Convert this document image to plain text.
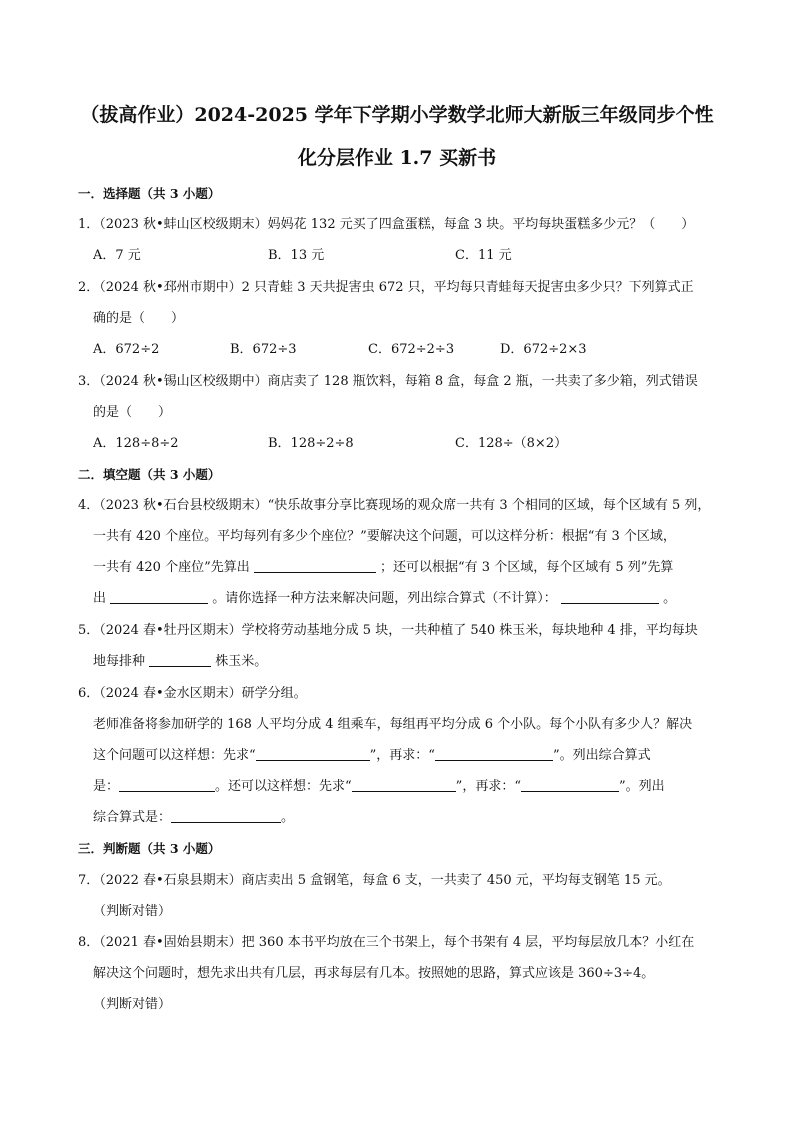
（拔高作业）2024-2025 学年下学期小学数学北师大新版三年级同步个性
化分层作业 1.7 买新书
一．选择题（共 3 小题）
1．（2023 秋•蚌山区校级期末）妈妈花 132 元买了四盒蛋糕，每盒 3 块。平均每块蛋糕多少元？（　　）
A．7 元	B．13 元	C．11 元
2．（2024 秋•邳州市期中）2 只青蛙 3 天共捉害虫 672 只，平均每只青蛙每天捉害虫多少只？下列算式正
确的是（　　）
A．672÷2	B．672÷3	C．672÷2÷3	D．672÷2×3
3．（2024 秋•锡山区校级期中）商店卖了 128 瓶饮料，每箱 8 盒，每盒 2 瓶，一共卖了多少箱，列式错误
的是（　　）
A．128÷8÷2	B．128÷2÷8	C．128÷（8×2）
二．填空题（共 3 小题）
4．（2023 秋•石台县校级期末）“快乐故事分享比赛现场的观众席一共有 3 个相同的区域，每个区域有 5 列，
一共有 420 个座位。平均每列有多少个座位？”要解决这个问题，可以这样分析：根据“有 3 个区域，
一共有 420 个座位”先算出	；还可以根据“有 3 个区域，每个区域有 5 列”先算
出	。请你选择一种方法来解决问题，列出综合算式（不计算）：	。
5．（2024 春•牡丹区期末）学校将劳动基地分成 5 块，一共种植了 540 株玉米，每块地种 4 排，平均每块
地每排种	株玉米。
6．（2024 春•金水区期末）研学分组。
老师准备将参加研学的 168 人平均分成 4 组乘车，每组再平均分成 6 个小队。每个小队有多少人？解决
这个问题可以这样想：先求“	”，再求：“	”。列出综合算式
是：	。还可以这样想：先求“	”，再求：“	”。列出
综合算式是：	。
三．判断题（共 3 小题）
7．（2022 春•石泉县期末）商店卖出 5 盒钢笔，每盒 6 支，一共卖了 450 元，平均每支钢笔 15 元。
（判断对错）
8．（2021 春•固始县期末）把 360 本书平均放在三个书架上，每个书架有 4 层，平均每层放几本？小红在
解决这个问题时，想先求出共有几层，再求每层有几本。按照她的思路，算式应该是 360÷3÷4。
（判断对错）
